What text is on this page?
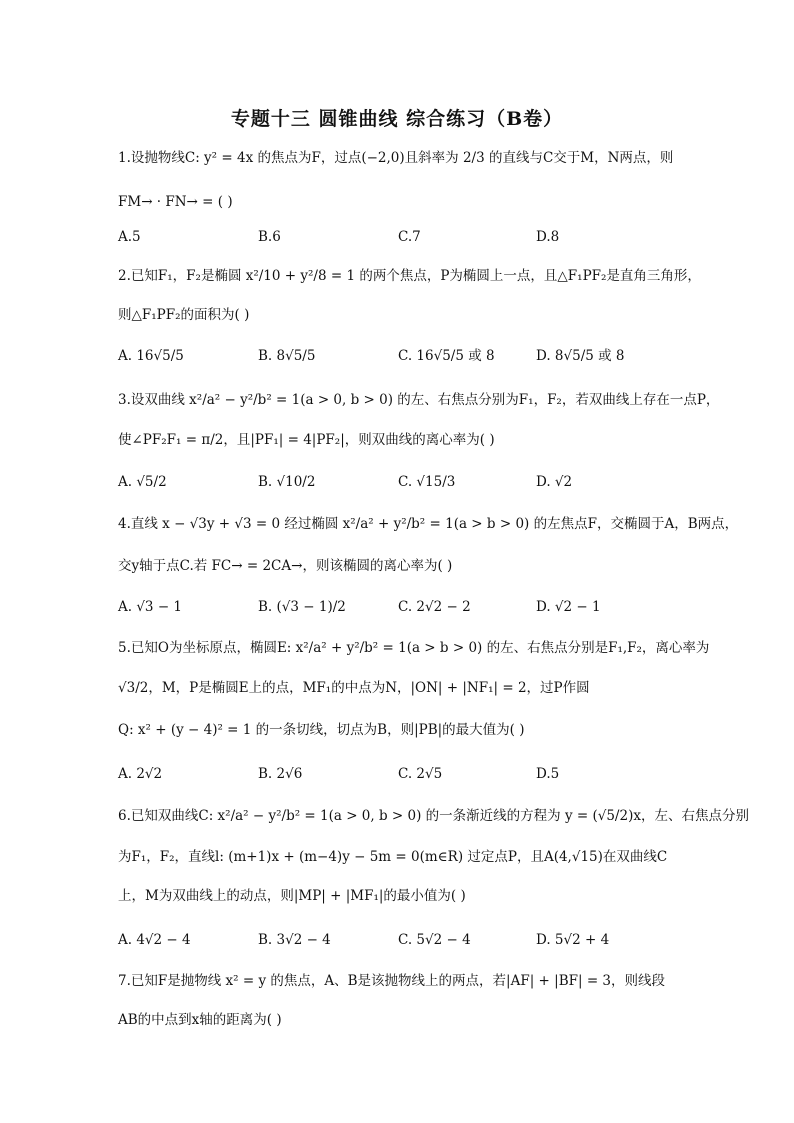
专题十三 圆锥曲线 综合练习（B卷）
1.设抛物线C: y² = 4x 的焦点为F，过点(−2,0)且斜率为 2/3 的直线与C交于M，N两点，则
FM→ · FN→ = ( )
A.5	B.6	C.7	D.8
2.已知F₁，F₂是椭圆 x²/10 + y²/8 = 1 的两个焦点，P为椭圆上一点，且△F₁PF₂是直角三角形，
则△F₁PF₂的面积为( )
A. 16√5/5	B. 8√5/5	C. 16√5/5 或 8	D. 8√5/5 或 8
3.设双曲线 x²/a² − y²/b² = 1(a > 0, b > 0) 的左、右焦点分别为F₁，F₂，若双曲线上存在一点P，
使∠PF₂F₁ = π/2，且|PF₁| = 4|PF₂|，则双曲线的离心率为( )
A. √5/2	B. √10/2	C. √15/3	D. √2
4.直线 x − √3y + √3 = 0 经过椭圆 x²/a² + y²/b² = 1(a > b > 0) 的左焦点F，交椭圆于A，B两点，
交y轴于点C.若 FC→ = 2CA→，则该椭圆的离心率为( )
A. √3 − 1	B. (√3 − 1)/2	C. 2√2 − 2	D. √2 − 1
5.已知O为坐标原点，椭圆E: x²/a² + y²/b² = 1(a > b > 0) 的左、右焦点分别是F₁,F₂，离心率为
√3/2，M，P是椭圆E上的点，MF₁的中点为N，|ON| + |NF₁| = 2，过P作圆
Q: x² + (y − 4)² = 1 的一条切线，切点为B，则|PB|的最大值为( )
A. 2√2	B. 2√6	C. 2√5	D.5
6.已知双曲线C: x²/a² − y²/b² = 1(a > 0, b > 0) 的一条渐近线的方程为 y = (√5/2)x，左、右焦点分别
为F₁，F₂，直线l: (m+1)x + (m−4)y − 5m = 0(m∈R) 过定点P，且A(4,√15)在双曲线C
上，M为双曲线上的动点，则|MP| + |MF₁|的最小值为( )
A. 4√2 − 4	B. 3√2 − 4	C. 5√2 − 4	D. 5√2 + 4
7.已知F是抛物线 x² = y 的焦点，A、B是该抛物线上的两点，若|AF| + |BF| = 3，则线段
AB的中点到x轴的距离为( )
